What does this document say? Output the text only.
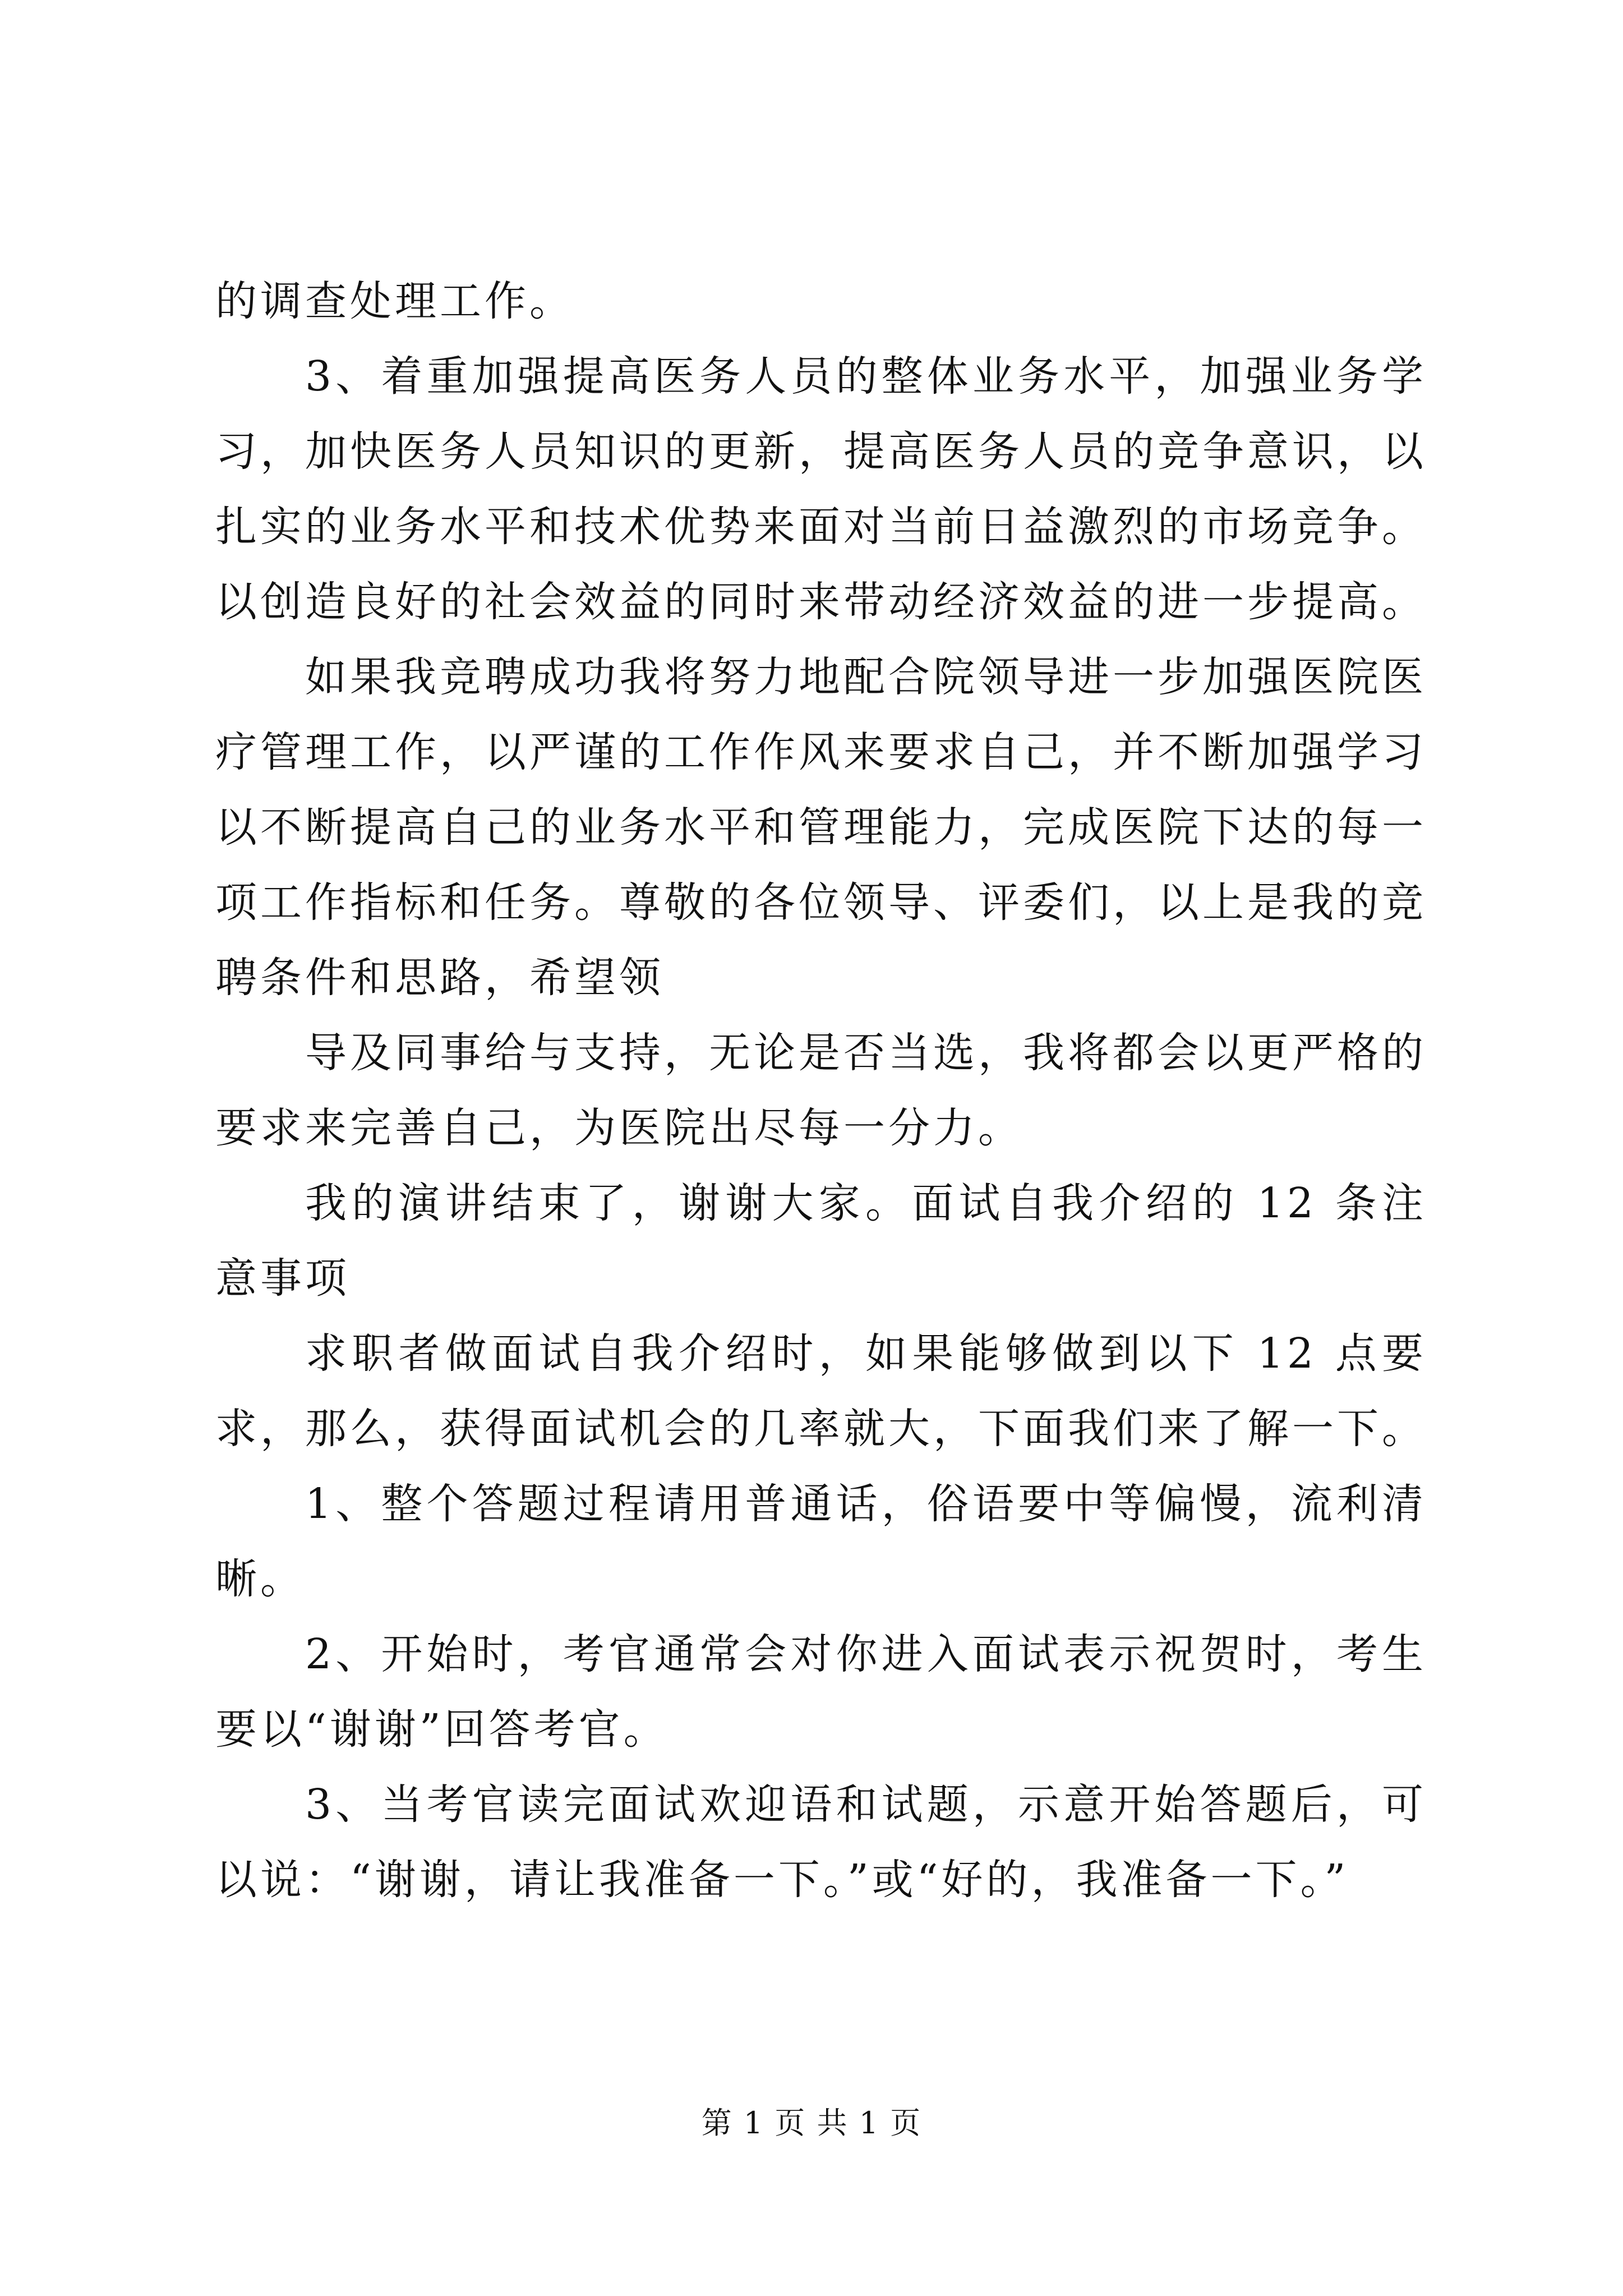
的调查处理工作。

3、着重加强提高医务人员的整体业务水平，加强业务学习，加快医务人员知识的更新，提高医务人员的竞争意识，以扎实的业务水平和技术优势来面对当前日益激烈的市场竞争。以创造良好的社会效益的同时来带动经济效益的进一步提高。

如果我竞聘成功我将努力地配合院领导进一步加强医院医疗管理工作，以严谨的工作作风来要求自己，并不断加强学习以不断提高自己的业务水平和管理能力，完成医院下达的每一项工作指标和任务。尊敬的各位领导、评委们，以上是我的竞聘条件和思路，希望领

导及同事给与支持，无论是否当选，我将都会以更严格的要求来完善自己，为医院出尽每一分力。

我的演讲结束了，谢谢大家。面试自我介绍的 12 条注意事项

求职者做面试自我介绍时，如果能够做到以下 12 点要求，那么，获得面试机会的几率就大，下面我们来了解一下。

1、整个答题过程请用普通话，俗语要中等偏慢，流利清晰。

2、开始时，考官通常会对你进入面试表示祝贺时，考生要以“谢谢”回答考官。

3、当考官读完面试欢迎语和试题，示意开始答题后，可以说：“谢谢，请让我准备一下。”或“好的，我准备一下。”

第 1 页 共 1 页
